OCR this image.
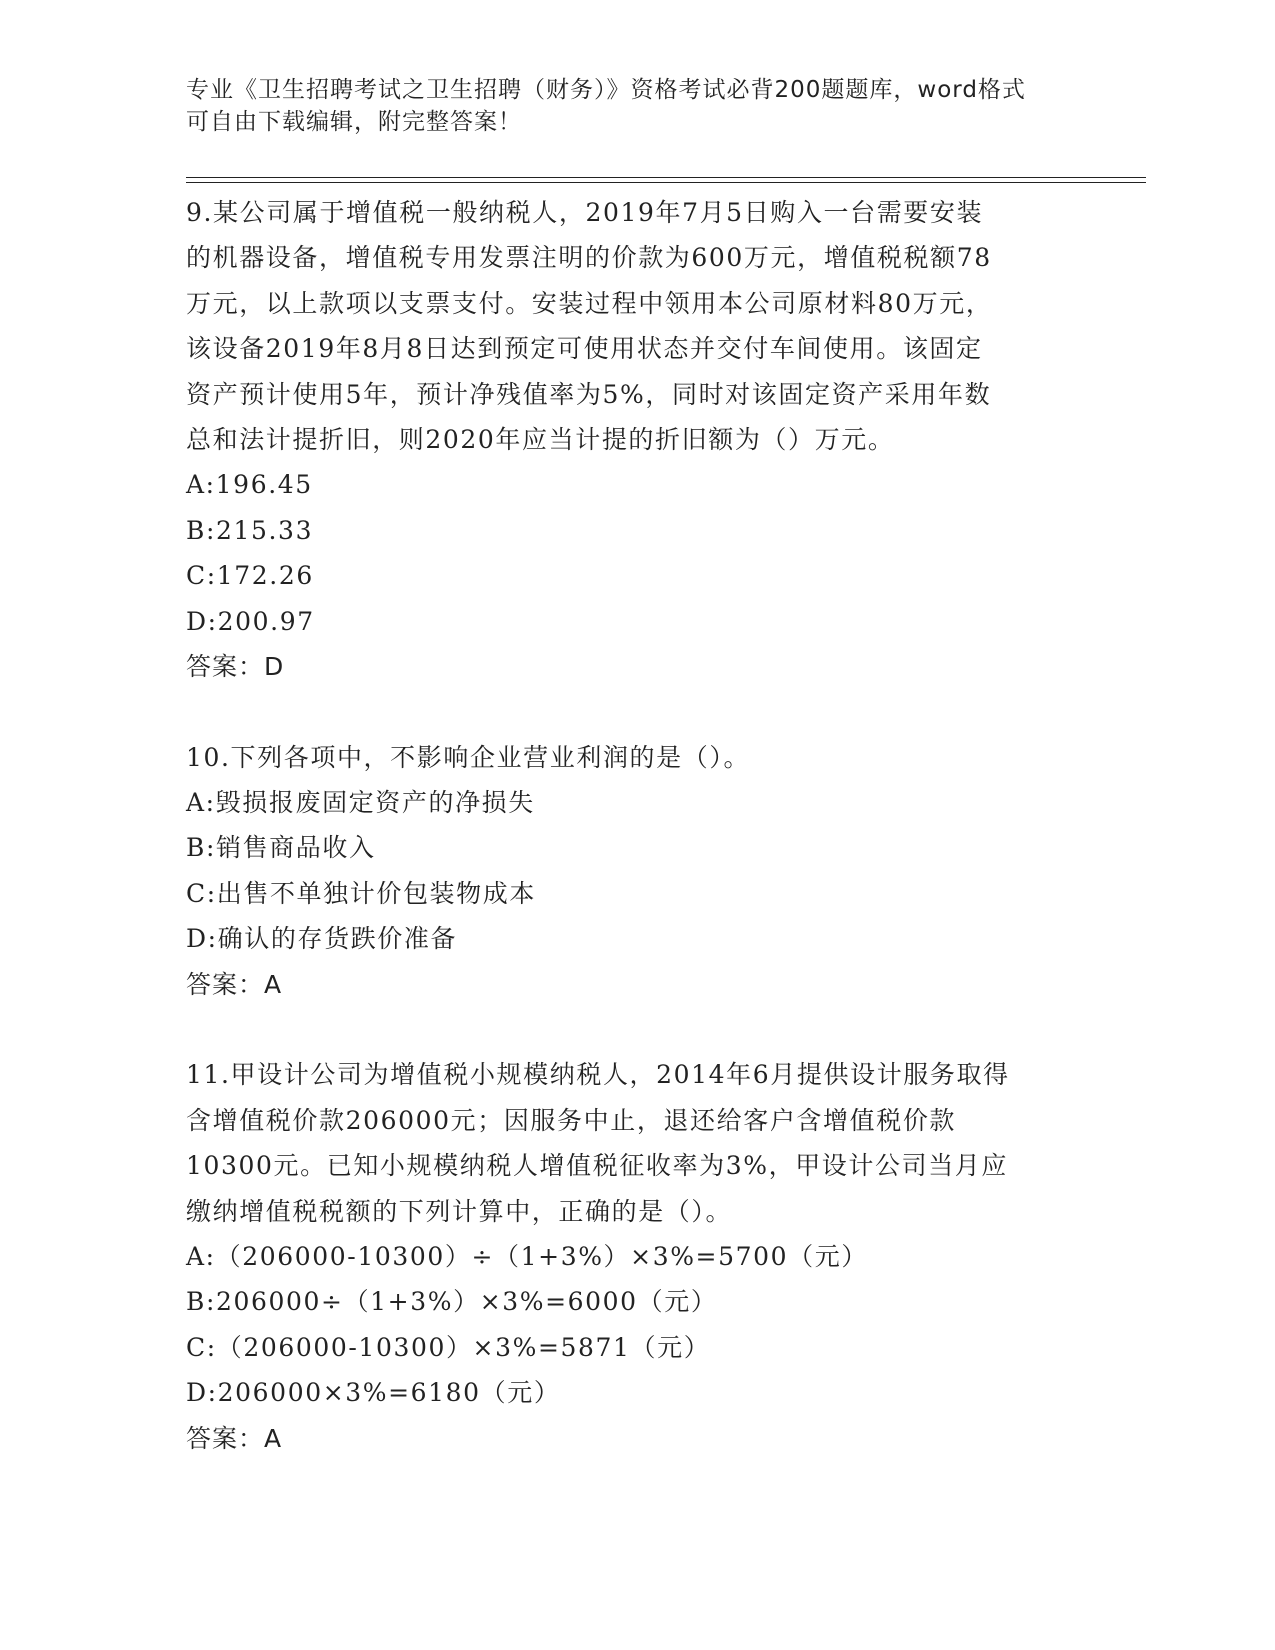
专业《卫生招聘考试之卫生招聘（财务）》资格考试必背200题题库，word格式
可自由下载编辑，附完整答案！
9.某公司属于增值税一般纳税人，2019年7月5日购入一台需要安装
的机器设备，增值税专用发票注明的价款为600万元，增值税税额78
万元，以上款项以支票支付。安装过程中领用本公司原材料80万元，
该设备2019年8月8日达到预定可使用状态并交付车间使用。该固定
资产预计使用5年，预计净残值率为5%，同时对该固定资产采用年数
总和法计提折旧，则2020年应当计提的折旧额为（）万元。
A:196.45
B:215.33
C:172.26
D:200.97
答案：D
10.下列各项中，不影响企业营业利润的是（）。
A:毁损报废固定资产的净损失
B:销售商品收入
C:出售不单独计价包装物成本
D:确认的存货跌价准备
答案：A
11.甲设计公司为增值税小规模纳税人，2014年6月提供设计服务取得
含增值税价款206000元；因服务中止，退还给客户含增值税价款
10300元。已知小规模纳税人增值税征收率为3%，甲设计公司当月应
缴纳增值税税额的下列计算中，正确的是（）。
A:（206000-10300）÷（1+3%）×3%=5700（元）
B:206000÷（1+3%）×3%=6000（元）
C:（206000-10300）×3%=5871（元）
D:206000×3%=6180（元）
答案：A
